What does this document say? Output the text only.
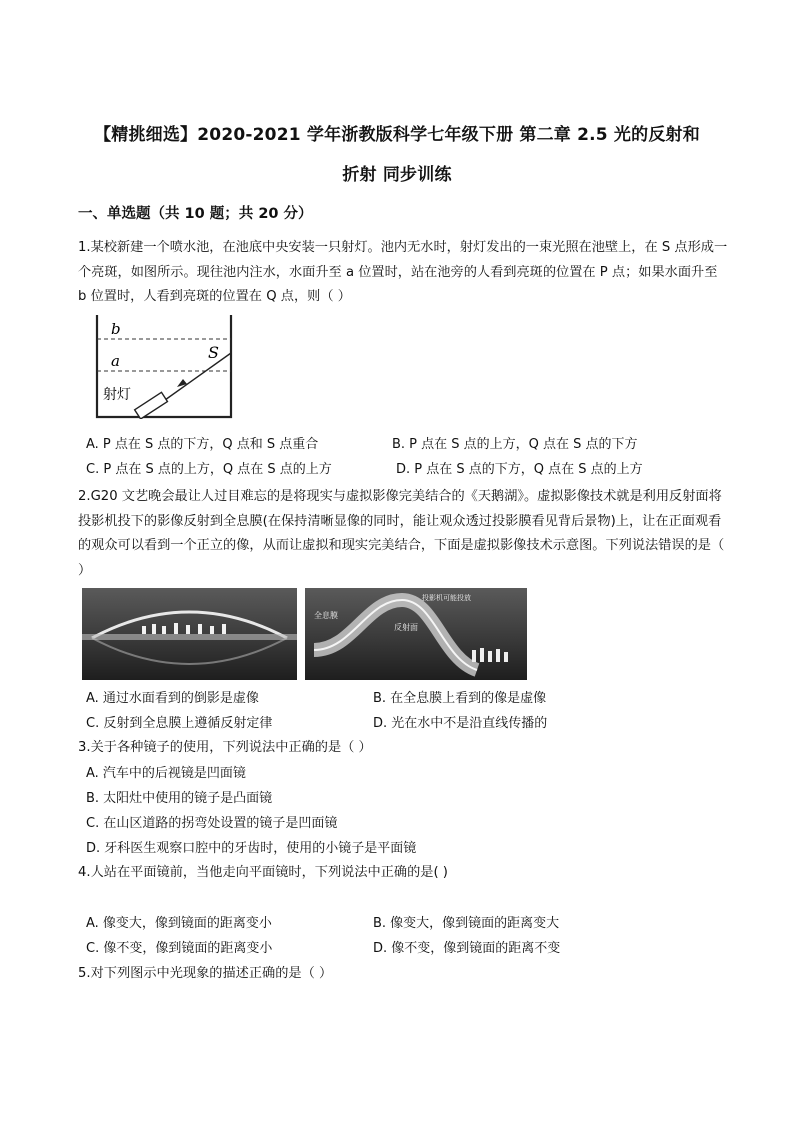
【精挑细选】2020-2021 学年浙教版科学七年级下册 第二章 2.5 光的反射和
折射 同步训练
一、单选题（共 10 题；共 20 分）
1.某校新建一个喷水池，在池底中央安装一只射灯。池内无水时，射灯发出的一束光照在池壁上，在 S 点形成一个亮斑，如图所示。现往池内注水，水面升至 a 位置时，站在池旁的人看到亮斑的位置在 P 点；如果水面升至 b 位置时，人看到亮斑的位置在 Q 点，则（ ）
b
a	S
射灯
A. P 点在 S 点的下方，Q 点和 S 点重合	B. P 点在 S 点的上方，Q 点在 S 点的下方
C. P 点在 S 点的上方，Q 点在 S 点的上方	D. P 点在 S 点的下方，Q 点在 S 点的上方
2.G20 文艺晚会最让人过目难忘的是将现实与虚拟影像完美结合的《天鹅湖》。虚拟影像技术就是利用反射面将投影机投下的影像反射到全息膜(在保持清晰显像的同时，能让观众透过投影膜看见背后景物)上，让在正面观看的观众可以看到一个正立的像，从而让虚拟和现实完美结合，下面是虚拟影像技术示意图。下列说法错误的是（ ）
全息膜
投影机可能投放
反射面
A. 通过水面看到的倒影是虚像	B. 在全息膜上看到的像是虚像
C. 反射到全息膜上遵循反射定律	D. 光在水中不是沿直线传播的
3.关于各种镜子的使用，下列说法中正确的是（ ）
A. 汽车中的后视镜是凹面镜
B. 太阳灶中使用的镜子是凸面镜
C. 在山区道路的拐弯处设置的镜子是凹面镜
D. 牙科医生观察口腔中的牙齿时，使用的小镜子是平面镜
4.人站在平面镜前，当他走向平面镜时，下列说法中正确的是( )
A. 像变大，像到镜面的距离变小	B. 像变大，像到镜面的距离变大
C. 像不变，像到镜面的距离变小	D. 像不变，像到镜面的距离不变
5.对下列图示中光现象的描述正确的是（ ）
